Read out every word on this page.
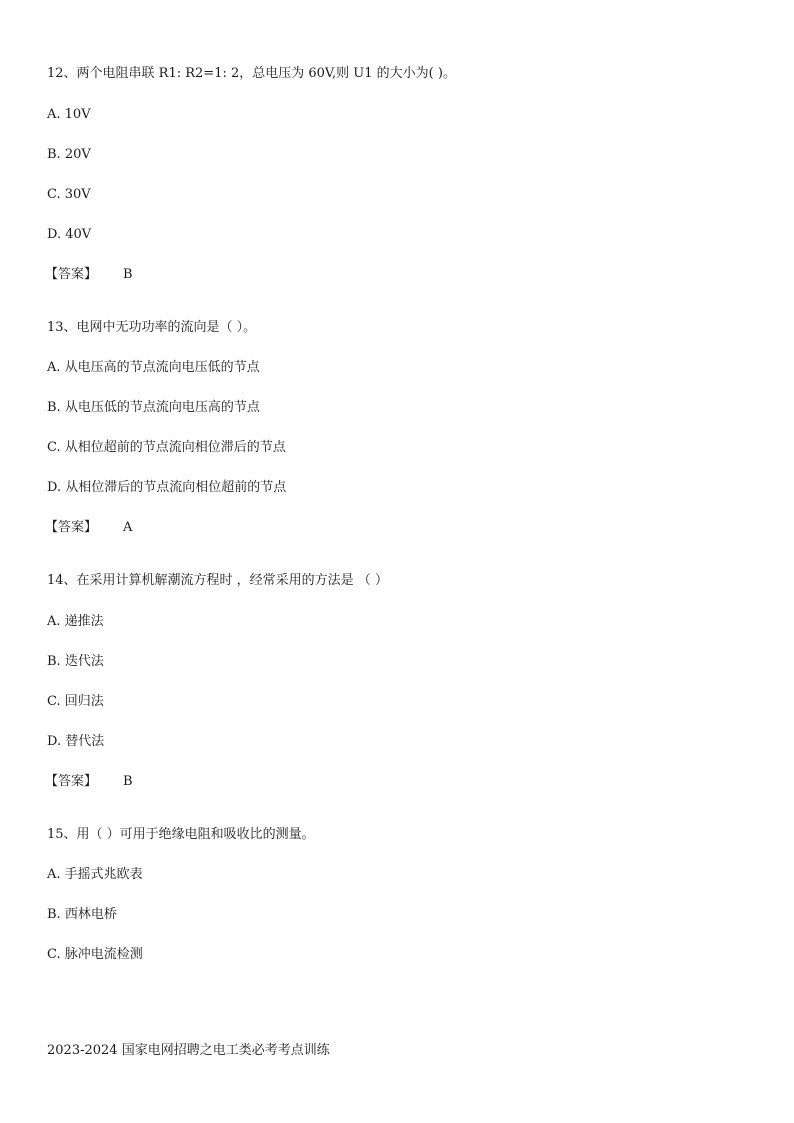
12、两个电阻串联 R1: R2=1: 2，总电压为 60V,则 U1 的大小为( )。
A. 10V
B. 20V
C. 30V
D. 40V
【答案】 B
13、电网中无功功率的流向是（ ）。
A. 从电压高的节点流向电压低的节点
B. 从电压低的节点流向电压高的节点
C. 从相位超前的节点流向相位滞后的节点
D. 从相位滞后的节点流向相位超前的节点
【答案】 A
14、在采用计算机解潮流方程时 ，经常采用的方法是 （ ）
A. 递推法
B. 迭代法
C. 回归法
D. 替代法
【答案】 B
15、用（ ）可用于绝缘电阻和吸收比的测量。
A. 手摇式兆欧表
B. 西林电桥
C. 脉冲电流检测
2023-2024 国家电网招聘之电工类必考考点训练
